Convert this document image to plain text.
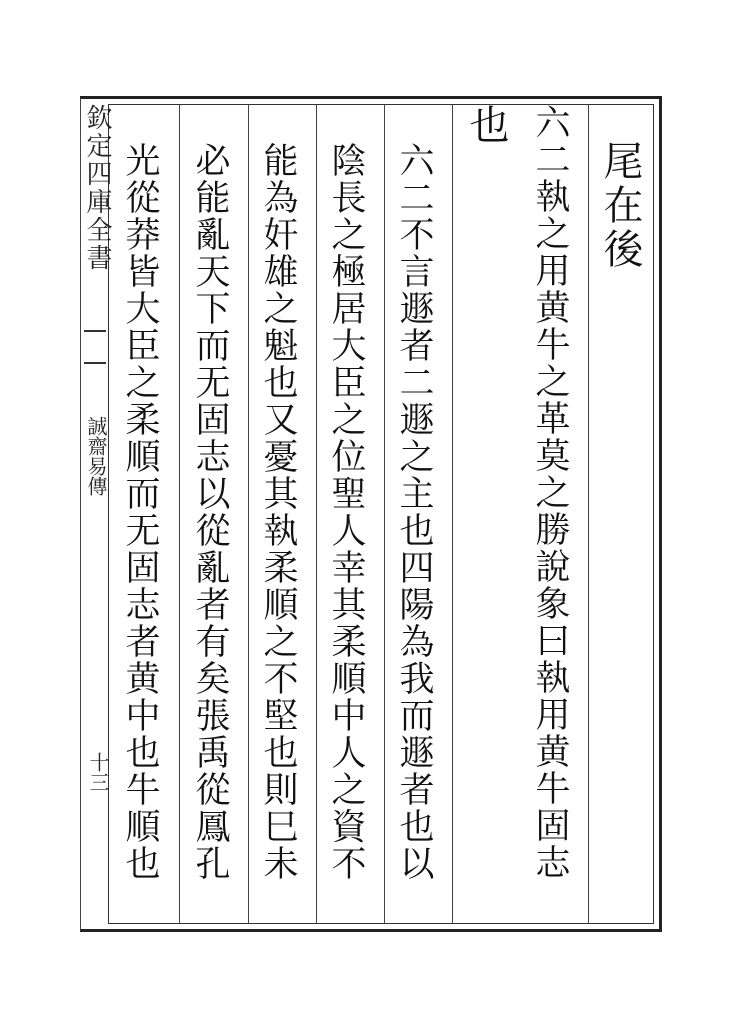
欽定四庫全書
誠齋易傳
十三
尾在後
六二執之用黄牛之革莫之勝說象曰執用黄牛固志
也
六二不言遯者二遯之主也四陽為我而遯者也以
陰長之極居大臣之位聖人幸其柔順中人之資不
能為奸雄之魁也又憂其執柔順之不堅也則巳未
必能亂天下而无固志以從亂者有矣張禹從鳳孔
光從莽皆大臣之柔順而无固志者黄中也牛順也
